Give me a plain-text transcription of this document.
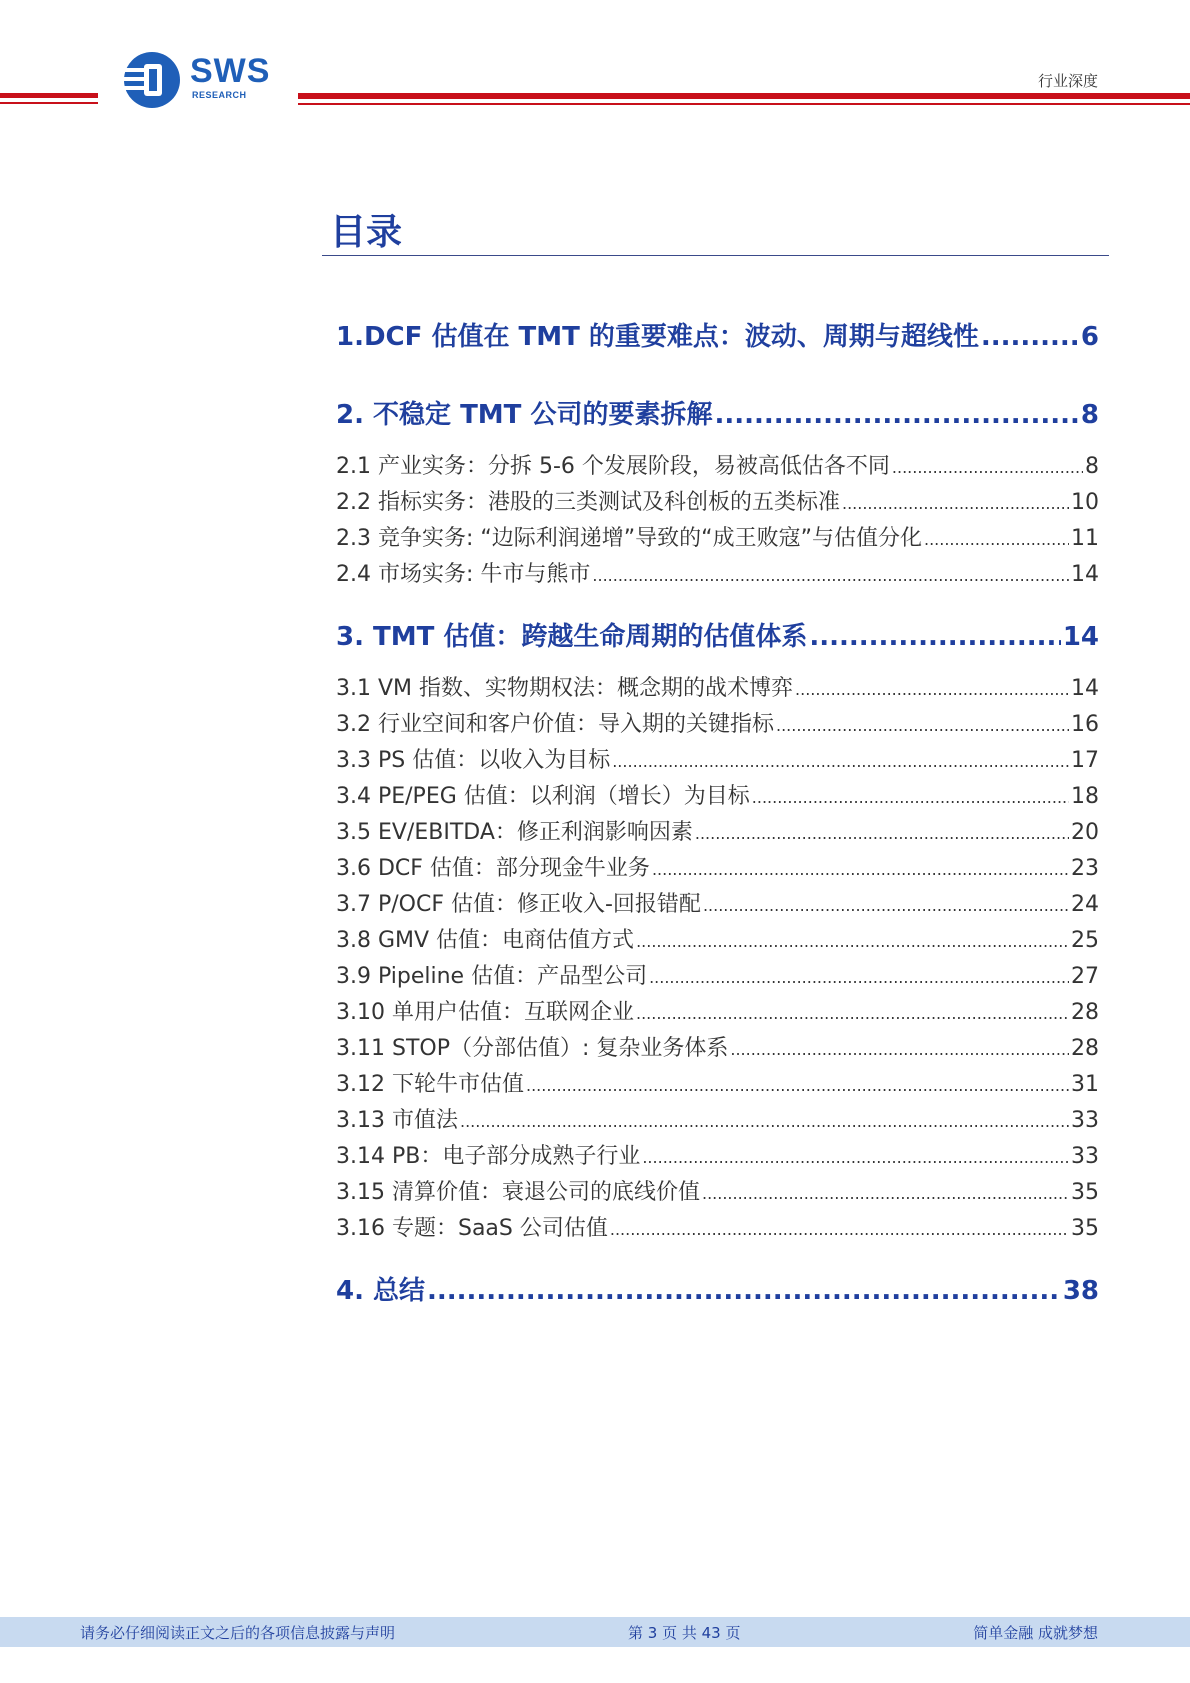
SWS
RESEARCH
行业深度
目录
1.DCF 估值在 TMT 的重要难点：波动、周期与超线性 .....	6
2. 不稳定 TMT 公司的要素拆解 .....	8
2.1 产业实务：分拆 5-6 个发展阶段，易被高低估各不同 .....	8
2.2 指标实务：港股的三类测试及科创板的五类标准 .....	10
2.3 竞争实务: “边际利润递增”导致的“成王败寇”与估值分化 .....	11
2.4 市场实务: 牛市与熊市 .....	14
3. TMT 估值：跨越生命周期的估值体系 .....	14
3.1 VM 指数、实物期权法：概念期的战术博弈 .....	14
3.2 行业空间和客户价值：导入期的关键指标 .....	16
3.3 PS 估值：以收入为目标 .....	17
3.4 PE/PEG 估值：以利润（增长）为目标 .....	18
3.5 EV/EBITDA：修正利润影响因素 .....	20
3.6 DCF 估值：部分现金牛业务 .....	23
3.7 P/OCF 估值：修正收入-回报错配 .....	24
3.8 GMV 估值：电商估值方式 .....	25
3.9 Pipeline 估值：产品型公司 .....	27
3.10 单用户估值：互联网企业 .....	28
3.11 STOP（分部估值）: 复杂业务体系 .....	28
3.12 下轮牛市估值 .....	31
3.13 市值法 .....	33
3.14 PB：电子部分成熟子行业 .....	33
3.15 清算价值：衰退公司的底线价值 .....	35
3.16 专题：SaaS 公司估值 .....	35
4. 总结 .....	38
请务必仔细阅读正文之后的各项信息披露与声明	第 3 页 共 43 页	简单金融 成就梦想
